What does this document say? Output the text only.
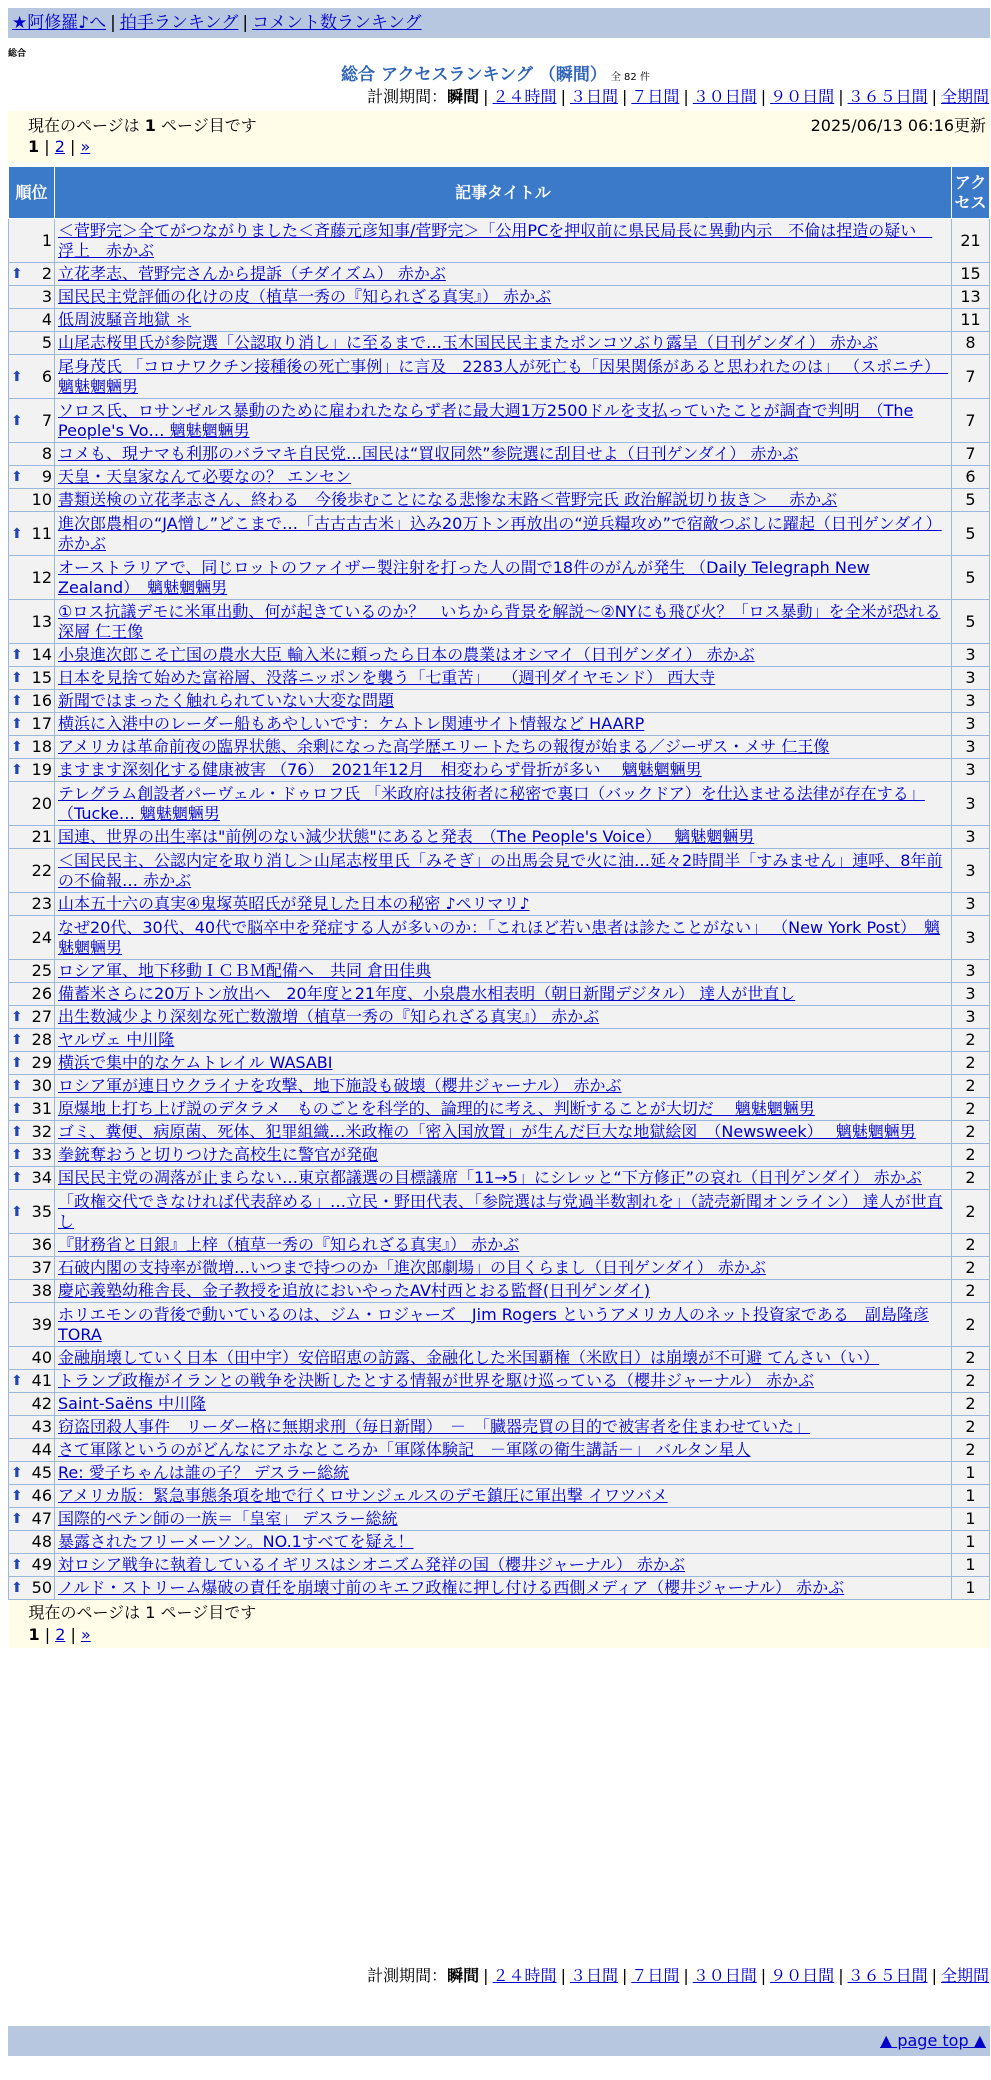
★阿修羅♪へ | 拍手ランキング | コメント数ランキング
総合
総合 アクセスランキング （瞬間） 全 82 件
計測期間：瞬間 | ２４時間 | ３日間 | ７日間 | ３０日間 | ９０日間 | ３６５日間 | 全期間
現在のページは 1 ページ目です	2025/06/13 06:16更新
1 | 2 | »
順位		記事タイトル	アクセス
	1	＜菅野完＞全てがつながりました＜斉藤元彦知事/菅野完＞「公用PCを押収前に県民局長に異動内示　不倫は捏造の疑い　浮上　赤かぶ	21
⬆	2	立花孝志、菅野完さんから提訴（チダイズム） 赤かぶ	15
	3	国民民主党評価の化けの皮（植草一秀の『知られざる真実』） 赤かぶ	13
	4	低周波騒音地獄 ＊	11
	5	山尾志桜里氏が参院選「公認取り消し」に至るまで…玉木国民民主またポンコツぶり露呈（日刊ゲンダイ） 赤かぶ	8
⬆	6	尾身茂氏 「コロナワクチン接種後の死亡事例」に言及　2283人が死亡も「因果関係があると思われたのは」 （スポニチ）　魑魅魍魎男	7
⬆	7	ソロス氏、ロサンゼルス暴動のために雇われたならず者に最大週1万2500ドルを支払っていたことが調査で判明　（The People's Vo… 魑魅魍魎男	7
	8	コメも、現ナマも利那のバラマキ自民党…国民は“買収同然”参院選に刮目せよ（日刊ゲンダイ） 赤かぶ	7
⬆	9	天皇・天皇家なんて必要なの？ エンセン	6
	10	書類送検の立花孝志さん、終わる　今後歩むことになる悲惨な末路＜菅野完氏 政治解説切り抜き＞　 赤かぶ	5
⬆	11	進次郎農相の“JA憎し”どこまで…「古古古古米」込み20万トン再放出の“逆兵糧攻め”で宿敵つぶしに躍起（日刊ゲンダイ） 赤かぶ	5
	12	オーストラリアで、同じロットのファイザー製注射を打った人の間で18件のがんが発生 （Daily Telegraph New Zealand）　魑魅魍魎男	5
	13	①ロス抗議デモに米軍出動、何が起きているのか？　いちから背景を解説～②NYにも飛び火？「ロス暴動」を全米が恐れる 深層 仁王像	5
⬆	14	小泉進次郎こそ亡国の農水大臣 輸入米に頼ったら日本の農業はオシマイ（日刊ゲンダイ） 赤かぶ	3
⬆	15	日本を見捨て始めた富裕層、没落ニッポンを襲う「七重苦」　 （週刊ダイヤモンド） 西大寺	3
⬆	16	新聞ではまったく触れられていない大変な問題	3
⬆	17	横浜に入港中のレーダー船もあやしいです：ケムトレ関連サイト情報など HAARP	3
⬆	18	アメリカは革命前夜の臨界状態、余剰になった高学歴エリートたちの報復が始まる／ジーザス・メサ 仁王像	3
⬆	19	ますます深刻化する健康被害 （76）　2021年12月　相変わらず骨折が多い　 魑魅魍魎男	3
	20	テレグラム創設者パーヴェル・ドゥロフ氏 「米政府は技術者に秘密で裏口（バックドア）を仕込ませる法律が存在する」（Tucke… 魑魅魍魎男	3
	21	国連、世界の出生率は"前例のない減少状態"にあると発表　（The People's Voice）　 魑魅魍魎男	3
	22	＜国民民主、公認内定を取り消し＞山尾志桜里氏「みそぎ」の出馬会見で火に油…延々2時間半「すみません」連呼、8年前の不倫報… 赤かぶ	3
	23	山本五十六の真実④鬼塚英昭氏が発見した日本の秘密 ♪ペリマリ♪	3
	24	なぜ20代、30代、40代で脳卒中を発症する人が多いのか：「これほど若い患者は診たことがない」 （New York Post）　魑魅魍魎男	3
	25	ロシア軍、地下移動ＩＣＢＭ配備へ　共同 倉田佳典	3
	26	備蓄米さらに20万トン放出へ　20年度と21年度、小泉農水相表明（朝日新聞デジタル） 達人が世直し	3
⬆	27	出生数減少より深刻な死亡数激増（植草一秀の『知られざる真実』） 赤かぶ	3
⬆	28	ヤルヴェ 中川隆	2
⬆	29	横浜で集中的なケムトレイル WASABI	2
⬆	30	ロシア軍が連日ウクライナを攻撃、地下施設も破壊（櫻井ジャーナル） 赤かぶ	2
⬆	31	原爆地上打ち上げ説のデタラメ　ものごとを科学的、論理的に考え、判断することが大切だ　 魑魅魍魎男	2
⬆	32	ゴミ、糞便、病原菌、死体、犯罪組織…米政権の「密入国放置」が生んだ巨大な地獄絵図　（Newsweek）　 魑魅魍魎男	2
⬆	33	拳銃奪おうと切りつけた高校生に警官が発砲	2
⬆	34	国民民主党の凋落が止まらない…東京都議選の目標議席「11→5」にシレッと“下方修正”の哀れ（日刊ゲンダイ） 赤かぶ	2
⬆	35	「政権交代できなければ代表辞める」…立民・野田代表、「参院選は与党過半数割れを」（読売新聞オンライン） 達人が世直し	2
	36	『財務省と日銀』上梓（植草一秀の『知られざる真実』） 赤かぶ	2
	37	石破内閣の支持率が微増…いつまで持つのか「進次郎劇場」の目くらまし（日刊ゲンダイ） 赤かぶ	2
	38	慶応義塾幼稚舎長、金子教授を追放においやったAV村西とおる監督(日刊ゲンダイ)	2
	39	ホリエモンの背後で動いているのは、ジム・ロジャーズ　Jim Rogers というアメリカ人のネット投資家である　副島隆彦 TORA	2
	40	金融崩壊していく日本（田中宇）安倍昭恵の訪露、金融化した米国覇権（米欧日）は崩壊が不可避 てんさい（い）	2
⬆	41	トランプ政権がイランとの戦争を決断したとする情報が世界を駆け巡っている（櫻井ジャーナル） 赤かぶ	2
	42	Saint-Saëns 中川隆	2
	43	窃盗団殺人事件　リーダー格に無期求刑（毎日新聞）　－　「臓器売買の目的で被害者を住まわせていた」	2
	44	さて軍隊というのがどんなにアホなところか「軍隊体験記　－軍隊の衛生講話－」 バルタン星人	2
⬆	45	Re: 愛子ちゃんは誰の子？ デスラー総統	1
⬆	46	アメリカ版：緊急事態条項を地で行くロサンジェルスのデモ鎮圧に軍出撃 イワツバメ	1
⬆	47	国際的ペテン師の一族＝「皇室」 デスラー総統	1
	48	暴露されたフリーメーソン。NO.1すべてを疑え！	1
⬆	49	対ロシア戦争に執着しているイギリスはシオニズム発祥の国（櫻井ジャーナル） 赤かぶ	1
⬆	50	ノルド・ストリーム爆破の責任を崩壊寸前のキエフ政権に押し付ける西側メディア（櫻井ジャーナル） 赤かぶ	1

現在のページは 1 ページ目です
1 | 2 | »			
計測期間：瞬間 | ２４時間 | ３日間 | ７日間 | ３０日間 | ９０日間 | ３６５日間 | 全期間
▲ page top ▲
